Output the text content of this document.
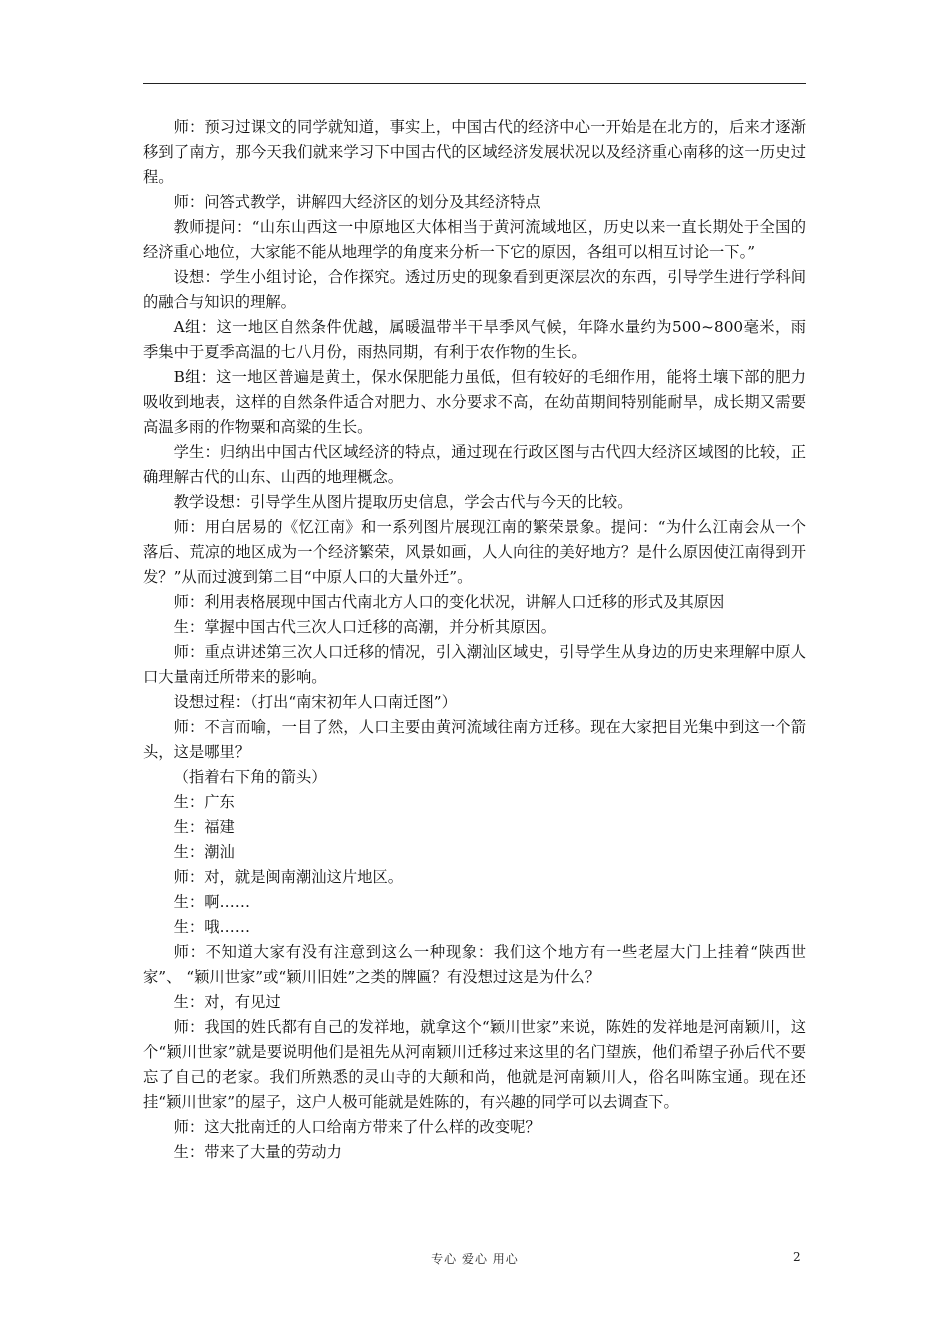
师：预习过课文的同学就知道，事实上，中国古代的经济中心一开始是在北方的，后来才逐渐移到了南方，那今天我们就来学习下中国古代的区域经济发展状况以及经济重心南移的这一历史过程。

师：问答式教学，讲解四大经济区的划分及其经济特点

教师提问：“山东山西这一中原地区大体相当于黄河流域地区，历史以来一直长期处于全国的经济重心地位，大家能不能从地理学的角度来分析一下它的原因，各组可以相互讨论一下。”

设想：学生小组讨论，合作探究。透过历史的现象看到更深层次的东西，引导学生进行学科间的融合与知识的理解。

A组：这一地区自然条件优越，属暖温带半干旱季风气候，年降水量约为500~800毫米，雨季集中于夏季高温的七八月份，雨热同期，有利于农作物的生长。

B组：这一地区普遍是黄土，保水保肥能力虽低，但有较好的毛细作用，能将土壤下部的肥力吸收到地表，这样的自然条件适合对肥力、水分要求不高，在幼苗期间特别能耐旱，成长期又需要高温多雨的作物粟和高粱的生长。

学生：归纳出中国古代区域经济的特点，通过现在行政区图与古代四大经济区域图的比较，正确理解古代的山东、山西的地理概念。

教学设想：引导学生从图片提取历史信息，学会古代与今天的比较。

师：用白居易的《忆江南》和一系列图片展现江南的繁荣景象。提问：“为什么江南会从一个落后、荒凉的地区成为一个经济繁荣，风景如画，人人向往的美好地方？是什么原因使江南得到开发？”从而过渡到第二目“中原人口的大量外迁”。

师：利用表格展现中国古代南北方人口的变化状况，讲解人口迁移的形式及其原因

生：掌握中国古代三次人口迁移的高潮，并分析其原因。

师：重点讲述第三次人口迁移的情况，引入潮汕区域史，引导学生从身边的历史来理解中原人口大量南迁所带来的影响。

设想过程：（打出“南宋初年人口南迁图”）

师：不言而喻，一目了然，人口主要由黄河流域往南方迁移。现在大家把目光集中到这一个箭头，这是哪里？

（指着右下角的箭头）

生：广东

生：福建

生：潮汕

师：对，就是闽南潮汕这片地区。

生：啊……

生：哦……

师：不知道大家有没有注意到这么一种现象：我们这个地方有一些老屋大门上挂着“陕西世家”、 “颖川世家”或“颖川旧姓”之类的牌匾？有没想过这是为什么？

生：对，有见过

师：我国的姓氏都有自己的发祥地，就拿这个“颖川世家”来说，陈姓的发祥地是河南颖川，这个“颖川世家”就是要说明他们是祖先从河南颖川迁移过来这里的名门望族，他们希望子孙后代不要忘了自己的老家。我们所熟悉的灵山寺的大颠和尚，他就是河南颖川人，俗名叫陈宝通。现在还挂“颖川世家”的屋子，这户人极可能就是姓陈的，有兴趣的同学可以去调查下。

师：这大批南迁的人口给南方带来了什么样的改变呢？

生：带来了大量的劳动力

专心 爱心 用心	2
